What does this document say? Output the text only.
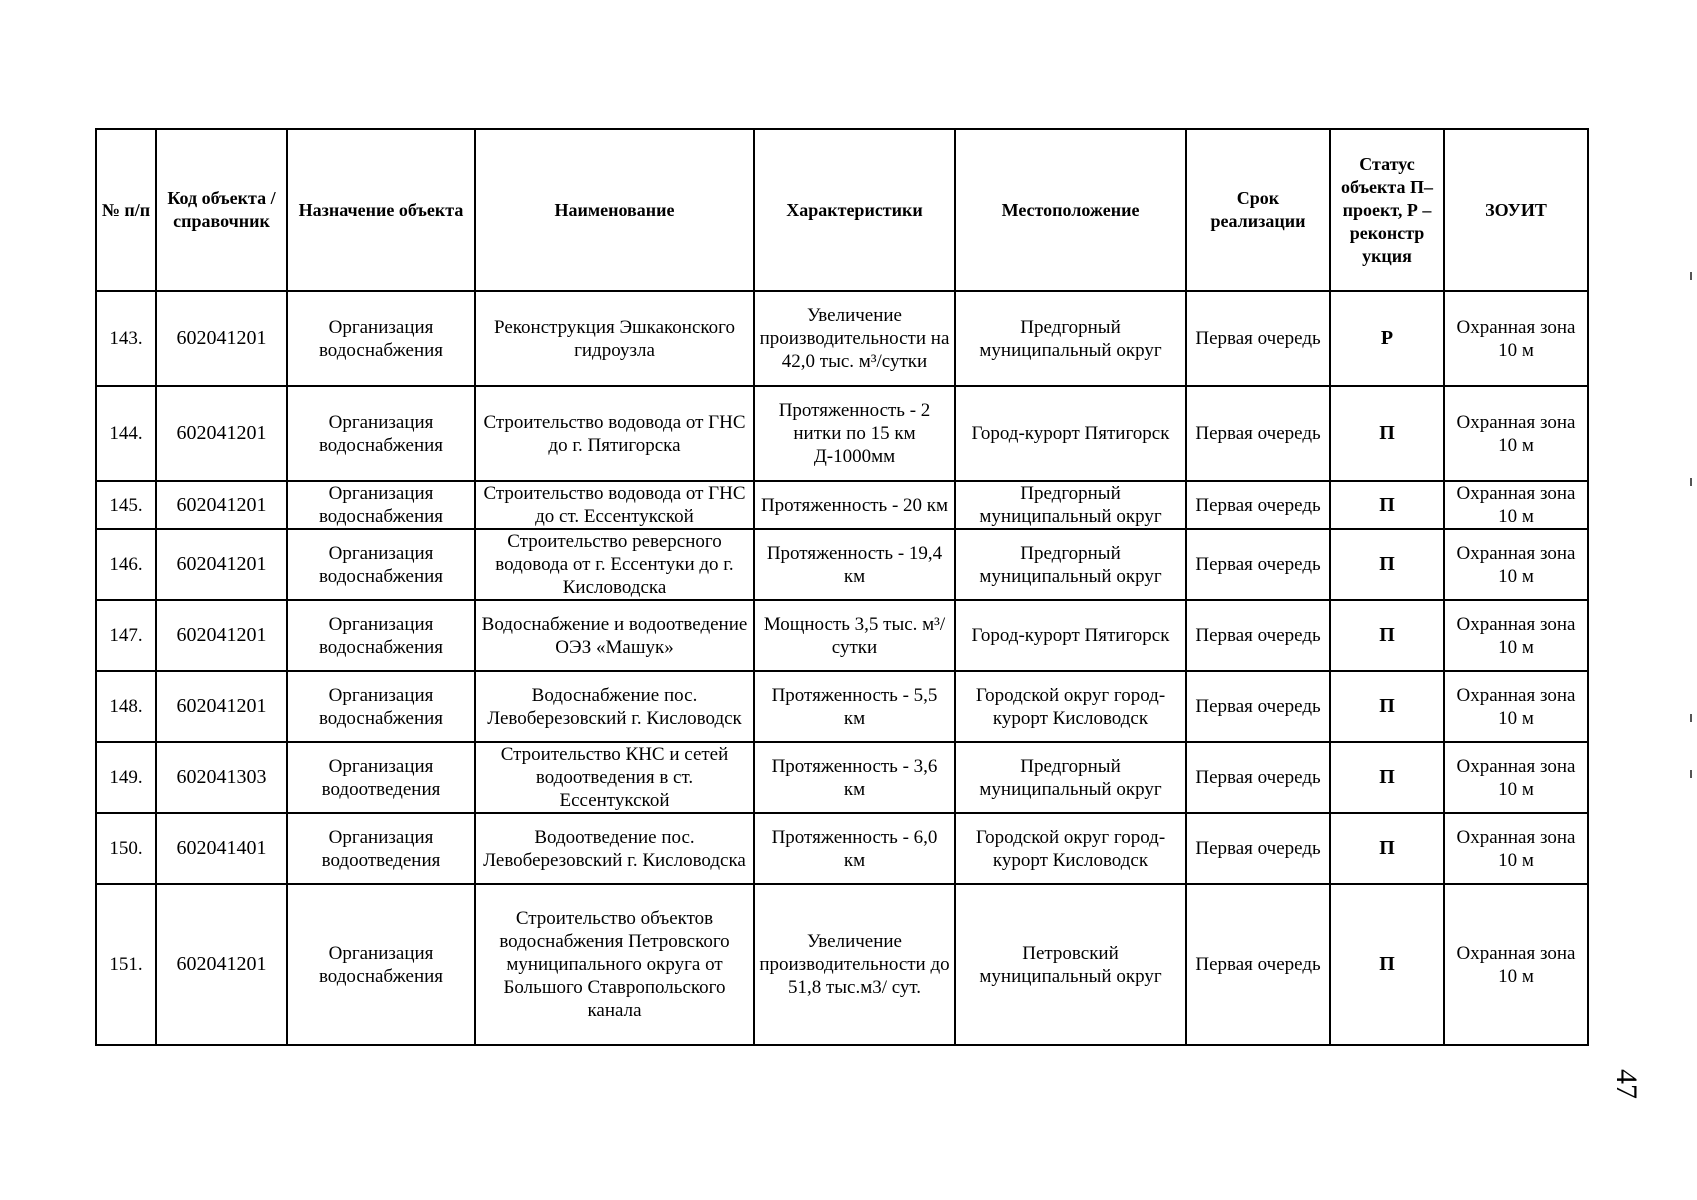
№ п/п	Код объекта / справочник	Назначение объекта	Наименование	Характеристики	Местоположение	Срок реализации	Статус объекта П– проект, Р – реконстр укция	ЗОУИТ
143.	602041201	Организация водоснабжения	Реконструкция Эшкаконского гидроузла	Увеличение производительности на 42,0 тыс. м³/сутки	Предгорный муниципальный округ	Первая очередь	Р	Охранная зона 10 м
144.	602041201	Организация водоснабжения	Строительство водовода от ГНС до г. Пятигорска	Протяженность - 2 нитки по 15 км Д-1000мм	Город-курорт Пятигорск	Первая очередь	П	Охранная зона 10 м
145.	602041201	Организация водоснабжения	Строительство водовода от ГНС до ст. Ессентукской	Протяженность - 20 км	Предгорный муниципальный округ	Первая очередь	П	Охранная зона 10 м
146.	602041201	Организация водоснабжения	Строительство реверсного водовода от г. Ессентуки до г. Кисловодска	Протяженность - 19,4 км	Предгорный муниципальный округ	Первая очередь	П	Охранная зона 10 м
147.	602041201	Организация водоснабжения	Водоснабжение и водоотведение ОЭЗ «Машук»	Мощность 3,5 тыс. м³/сутки	Город-курорт Пятигорск	Первая очередь	П	Охранная зона 10 м
148.	602041201	Организация водоснабжения	Водоснабжение пос. Левоберезовский г. Кисловодск	Протяженность - 5,5 км	Городской округ город-курорт Кисловодск	Первая очередь	П	Охранная зона 10 м
149.	602041303	Организация водоотведения	Строительство КНС и сетей водоотведения в ст. Ессентукской	Протяженность - 3,6 км	Предгорный муниципальный округ	Первая очередь	П	Охранная зона 10 м
150.	602041401	Организация водоотведения	Водоотведение пос. Левоберезовский г. Кисловодска	Протяженность - 6,0 км	Городской округ город-курорт Кисловодск	Первая очередь	П	Охранная зона 10 м
151.	602041201	Организация водоснабжения	Строительство объектов водоснабжения Петровского муниципального округа от Большого Ставропольского канала	Увеличение производительности до 51,8 тыс.м3/ сут.	Петровский муниципальный округ	Первая очередь	П	Охранная зона 10 м
47
